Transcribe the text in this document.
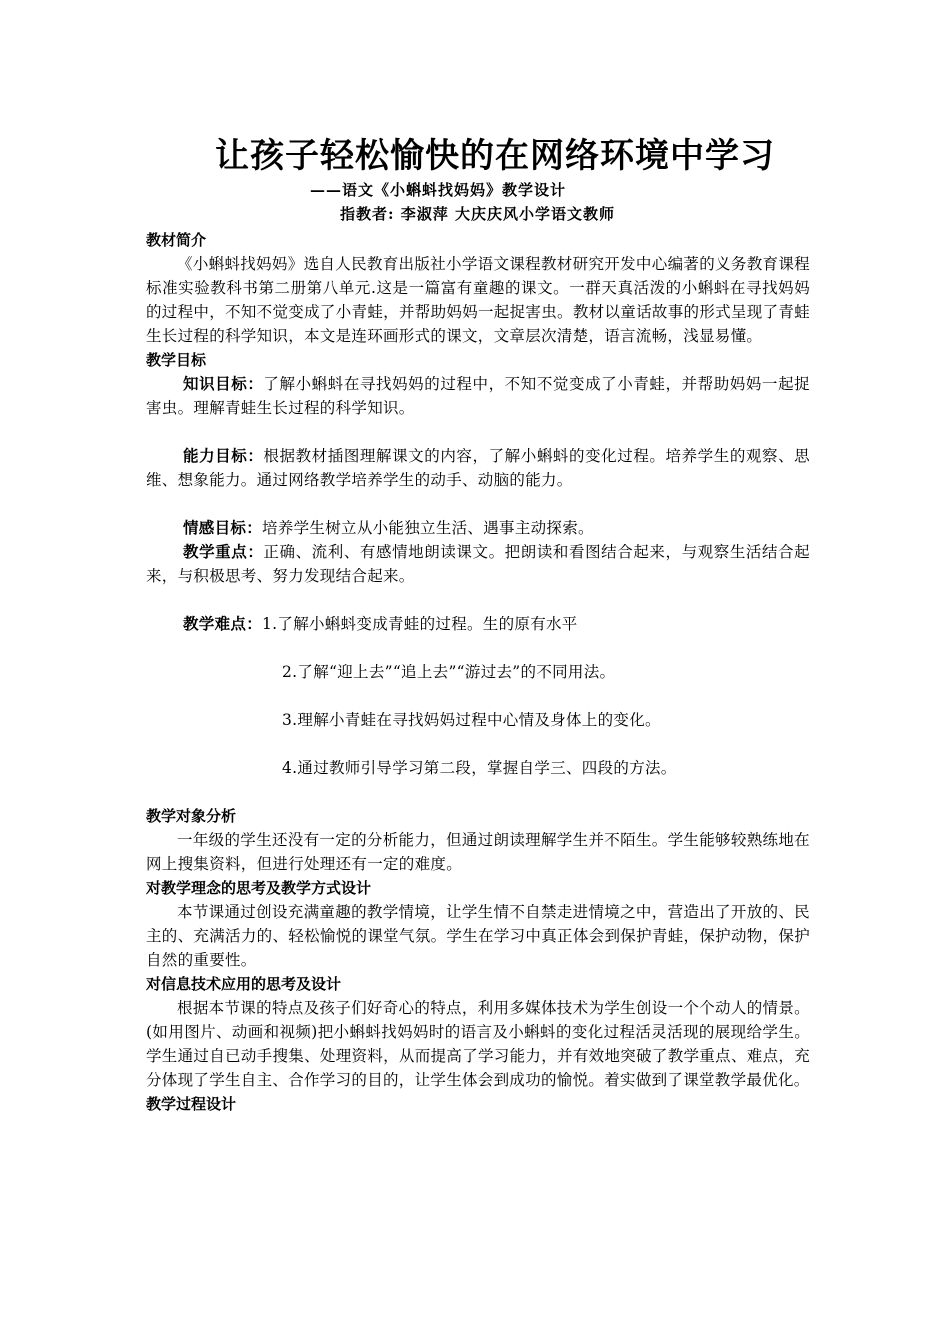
让孩子轻松愉快的在网络环境中学习
——语文《小蝌蚪找妈妈》教学设计
指教者: 李淑萍 大庆庆风小学语文教师

教材简介

《小蝌蚪找妈妈》选自人民教育出版社小学语文课程教材研究开发中心编著的义务教育课程标准实验教科书第二册第八单元.这是一篇富有童趣的课文。一群天真活泼的小蝌蚪在寻找妈妈的过程中，不知不觉变成了小青蛙，并帮助妈妈一起捉害虫。教材以童话故事的形式呈现了青蛙生长过程的科学知识，本文是连环画形式的课文，文章层次清楚，语言流畅，浅显易懂。

教学目标

知识目标：了解小蝌蚪在寻找妈妈的过程中，不知不觉变成了小青蛙，并帮助妈妈一起捉害虫。理解青蛙生长过程的科学知识。

能力目标：根据教材插图理解课文的内容，了解小蝌蚪的变化过程。培养学生的观察、思维、想象能力。通过网络教学培养学生的动手、动脑的能力。

情感目标：培养学生树立从小能独立生活、遇事主动探索。

教学重点：正确、流利、有感情地朗读课文。把朗读和看图结合起来，与观察生活结合起来，与积极思考、努力发现结合起来。

教学难点：1.了解小蝌蚪变成青蛙的过程。生的原有水平

2.了解“迎上去”“追上去”“游过去”的不同用法。

3.理解小青蛙在寻找妈妈过程中心情及身体上的变化。

4.通过教师引导学习第二段，掌握自学三、四段的方法。

教学对象分析

一年级的学生还没有一定的分析能力，但通过朗读理解学生并不陌生。学生能够较熟练地在网上搜集资料，但进行处理还有一定的难度。

对教学理念的思考及教学方式设计

本节课通过创设充满童趣的教学情境，让学生情不自禁走进情境之中，营造出了开放的、民主的、充满活力的、轻松愉悦的课堂气氛。学生在学习中真正体会到保护青蛙，保护动物，保护自然的重要性。

对信息技术应用的思考及设计

根据本节课的特点及孩子们好奇心的特点，利用多媒体技术为学生创设一个个动人的情景。(如用图片、动画和视频)把小蝌蚪找妈妈时的语言及小蝌蚪的变化过程活灵活现的展现给学生。学生通过自已动手搜集、处理资料，从而提高了学习能力，并有效地突破了教学重点、难点，充分体现了学生自主、合作学习的目的，让学生体会到成功的愉悦。着实做到了课堂教学最优化。

教学过程设计
